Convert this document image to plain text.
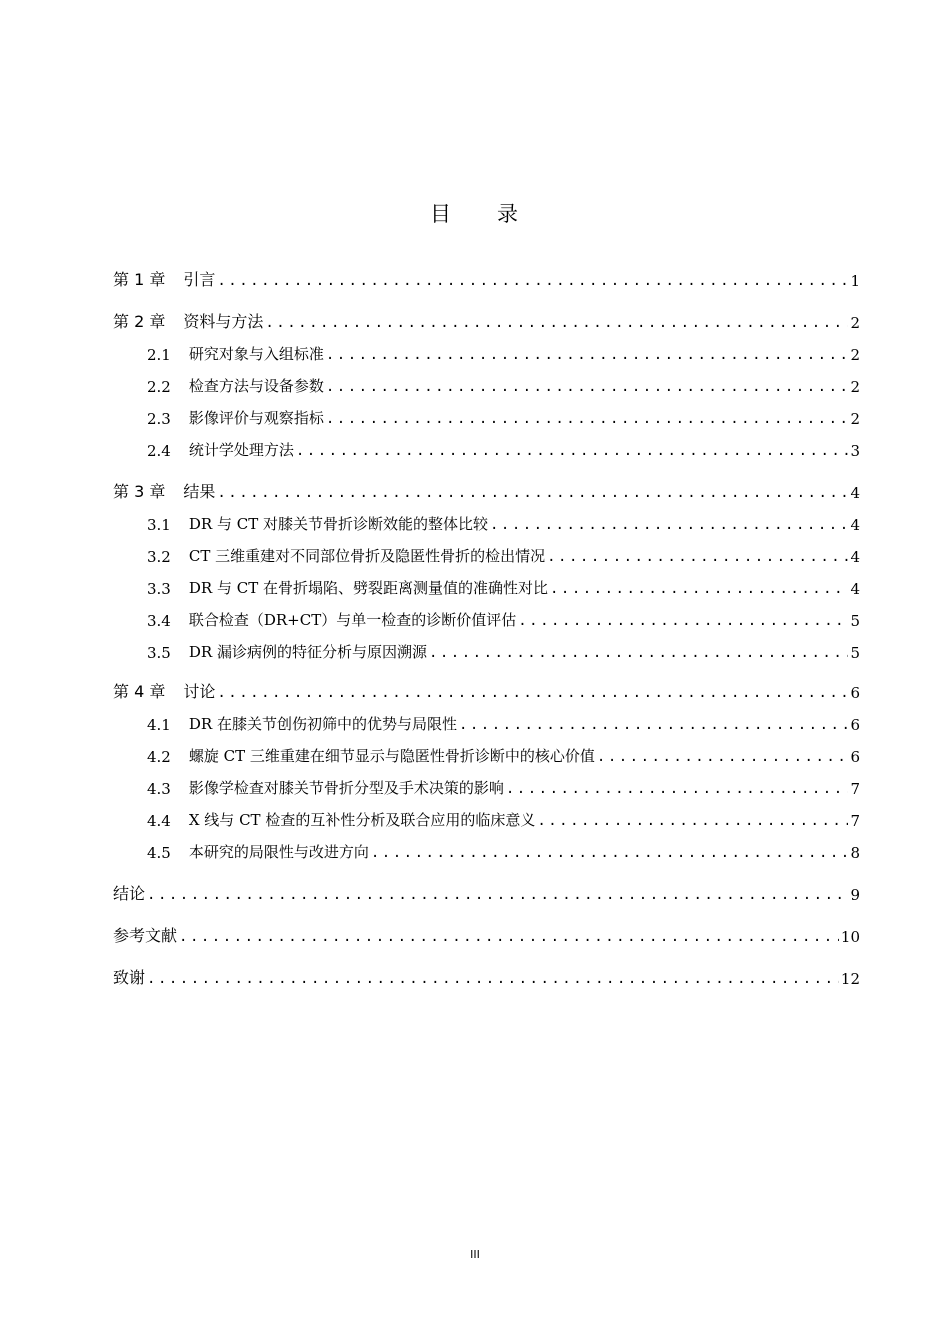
目 录
第 1 章	引言 .....	1
第 2 章	资料与方法 .....	2
2.1	研究对象与入组标准 .....	2
2.2	检查方法与设备参数 .....	2
2.3	影像评价与观察指标 .....	2
2.4	统计学处理方法 .....	3
第 3 章	结果 .....	4
3.1	DR 与 CT 对膝关节骨折诊断效能的整体比较 .....	4
3.2	CT 三维重建对不同部位骨折及隐匿性骨折的检出情况 .....	4
3.3	DR 与 CT 在骨折塌陷、劈裂距离测量值的准确性对比 .....	4
3.4	联合检查（DR+CT）与单一检查的诊断价值评估 .....	5
3.5	DR 漏诊病例的特征分析与原因溯源 .....	5
第 4 章	讨论 .....	6
4.1	DR 在膝关节创伤初筛中的优势与局限性 .....	6
4.2	螺旋 CT 三维重建在细节显示与隐匿性骨折诊断中的核心价值 .....	6
4.3	影像学检查对膝关节骨折分型及手术决策的影响 .....	7
4.4	X 线与 CT 检查的互补性分析及联合应用的临床意义 .....	7
4.5	本研究的局限性与改进方向 .....	8
结论 .....	9
参考文献 .....	10
致谢 .....	12
III
